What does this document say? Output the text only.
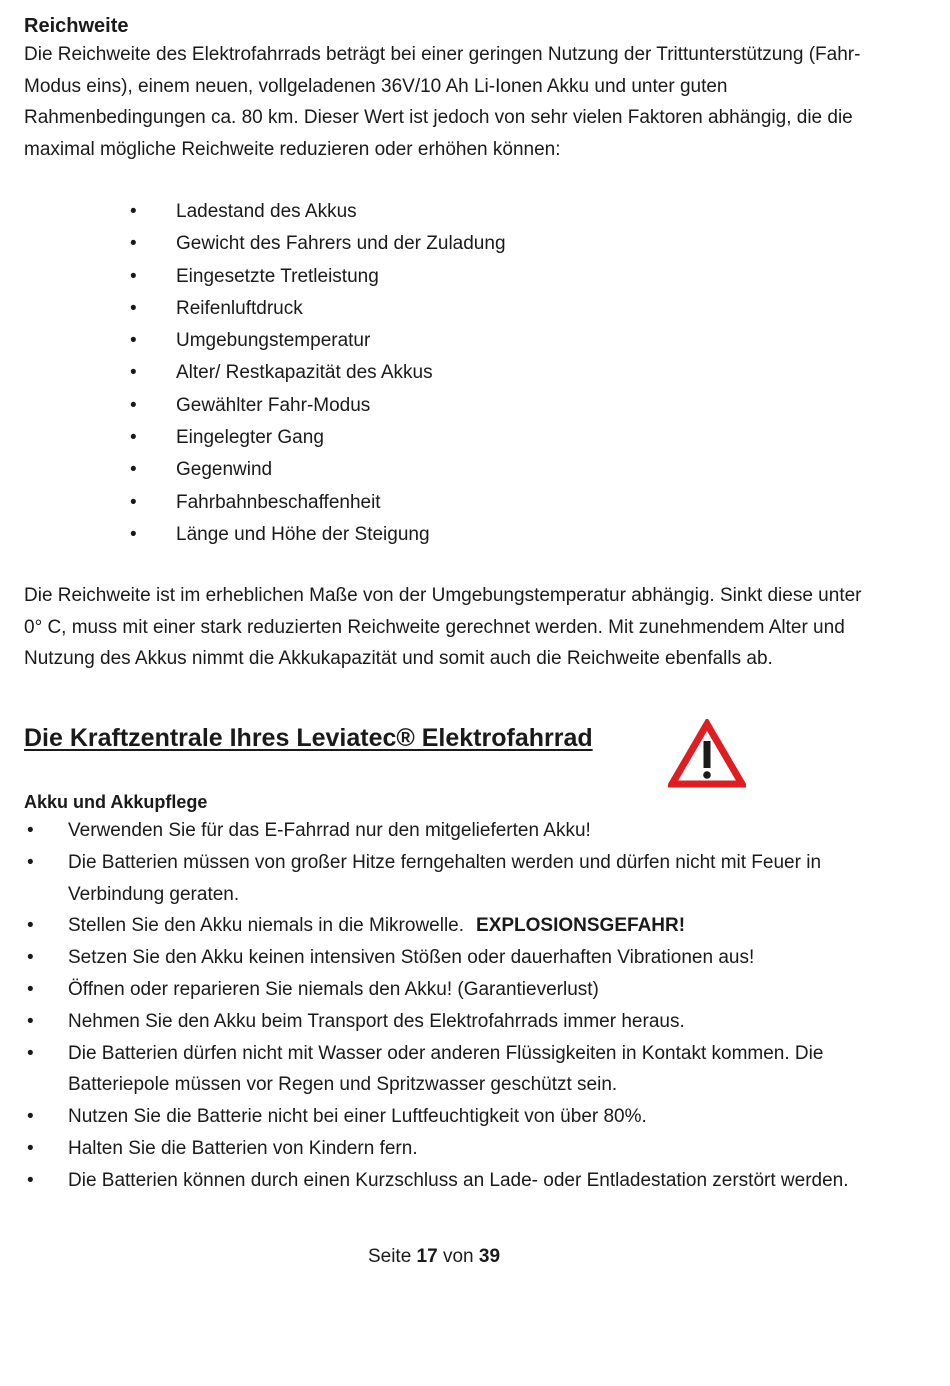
Reichweite

Die Reichweite des Elektrofahrrads beträgt bei einer geringen Nutzung der Trittunterstützung (Fahr-Modus eins), einem neuen, vollgeladenen 36V/10 Ah Li-Ionen Akku und unter guten Rahmenbedingungen ca. 80 km. Dieser Wert ist jedoch von sehr vielen Faktoren abhängig, die die maximal mögliche Reichweite reduzieren oder erhöhen können:

• Ladestand des Akkus
• Gewicht des Fahrers und der Zuladung
• Eingesetzte Tretleistung
• Reifenluftdruck
• Umgebungstemperatur
• Alter/ Restkapazität des Akkus
• Gewählter Fahr-Modus
• Eingelegter Gang
• Gegenwind
• Fahrbahnbeschaffenheit
• Länge und Höhe der Steigung

Die Reichweite ist im erheblichen Maße von der Umgebungstemperatur abhängig. Sinkt diese unter 0° C, muss mit einer stark reduzierten Reichweite gerechnet werden. Mit zunehmendem Alter und Nutzung des Akkus nimmt die Akkukapazität und somit auch die Reichweite ebenfalls ab.

Die Kraftzentrale Ihres Leviatec® Elektrofahrrad
Akku und Akkupflege
• Verwenden Sie für das E-Fahrrad nur den mitgelieferten Akku!
• Die Batterien müssen von großer Hitze ferngehalten werden und dürfen nicht mit Feuer in Verbindung geraten.
• Stellen Sie den Akku niemals in die Mikrowelle. EXPLOSIONSGEFAHR!
• Setzen Sie den Akku keinen intensiven Stößen oder dauerhaften Vibrationen aus!
• Öffnen oder reparieren Sie niemals den Akku! (Garantieverlust)
• Nehmen Sie den Akku beim Transport des Elektrofahrrads immer heraus.
• Die Batterien dürfen nicht mit Wasser oder anderen Flüssigkeiten in Kontakt kommen. Die Batteriepole müssen vor Regen und Spritzwasser geschützt sein.
• Nutzen Sie die Batterie nicht bei einer Luftfeuchtigkeit von über 80%.
• Halten Sie die Batterien von Kindern fern.
• Die Batterien können durch einen Kurzschluss an Lade- oder Entladestation zerstört werden.
Seite 17 von 39
